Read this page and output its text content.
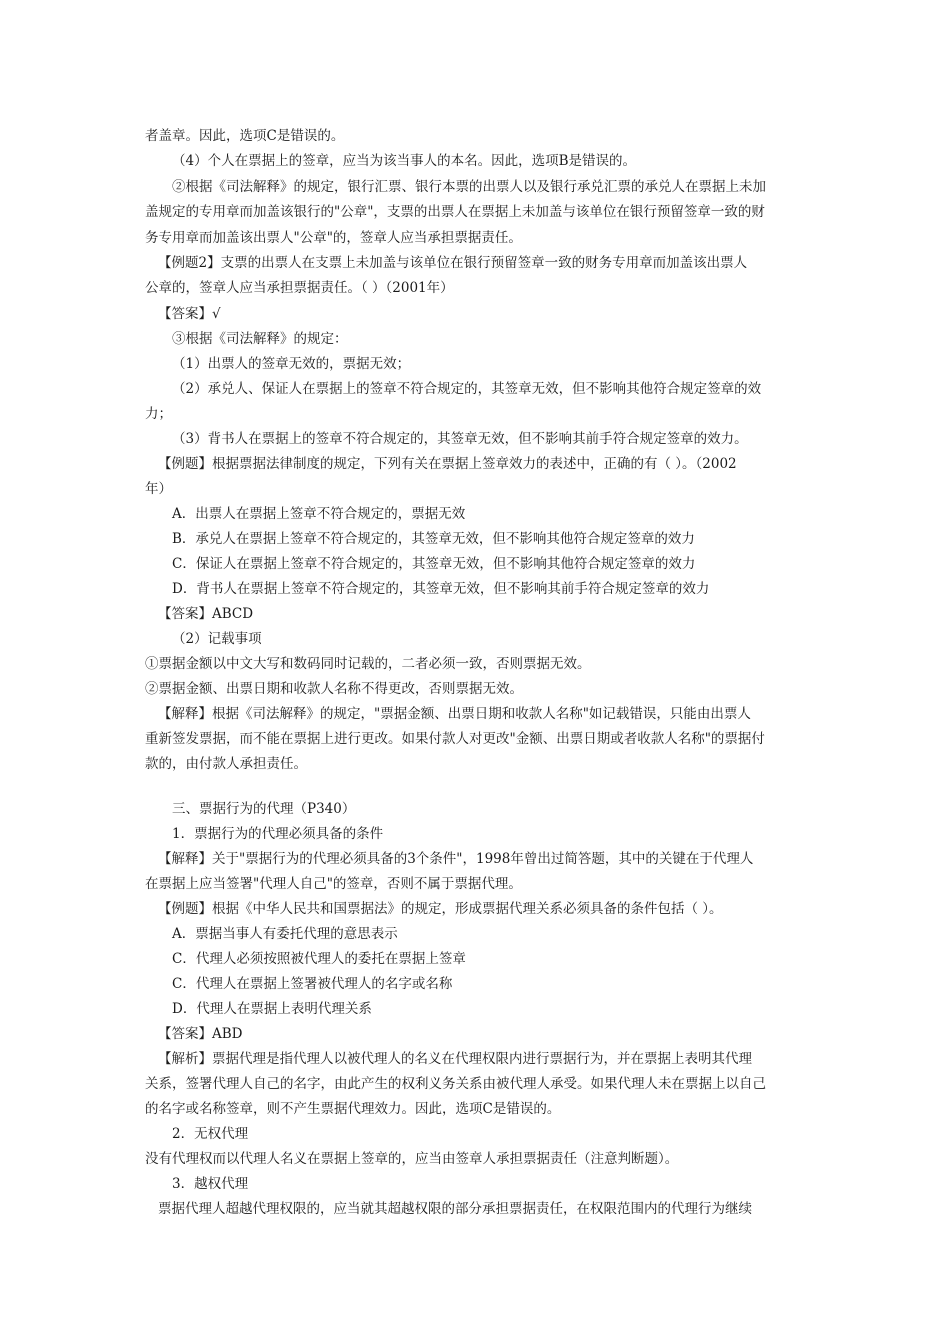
者盖章。因此，选项C是错误的。
（4）个人在票据上的签章，应当为该当事人的本名。因此，选项B是错误的。
②根据《司法解释》的规定，银行汇票、银行本票的出票人以及银行承兑汇票的承兑人在票据上未加
盖规定的专用章而加盖该银行的"公章"，支票的出票人在票据上未加盖与该单位在银行预留签章一致的财
务专用章而加盖该出票人"公章"的，签章人应当承担票据责任。
【例题2】支票的出票人在支票上未加盖与该单位在银行预留签章一致的财务专用章而加盖该出票人
公章的，签章人应当承担票据责任。（ ）（2001年）
【答案】√
③根据《司法解释》的规定：
（1）出票人的签章无效的，票据无效；
（2）承兑人、保证人在票据上的签章不符合规定的，其签章无效，但不影响其他符合规定签章的效
力；
（3）背书人在票据上的签章不符合规定的，其签章无效，但不影响其前手符合规定签章的效力。
【例题】根据票据法律制度的规定，下列有关在票据上签章效力的表述中，正确的有（ ）。（2002
年）
A．出票人在票据上签章不符合规定的，票据无效
B．承兑人在票据上签章不符合规定的，其签章无效，但不影响其他符合规定签章的效力
C．保证人在票据上签章不符合规定的，其签章无效，但不影响其他符合规定签章的效力
D．背书人在票据上签章不符合规定的，其签章无效，但不影响其前手符合规定签章的效力
【答案】ABCD
（2）记载事项
①票据金额以中文大写和数码同时记载的，二者必须一致，否则票据无效。
②票据金额、出票日期和收款人名称不得更改，否则票据无效。
【解释】根据《司法解释》的规定，"票据金额、出票日期和收款人名称"如记载错误，只能由出票人
重新签发票据，而不能在票据上进行更改。如果付款人对更改"金额、出票日期或者收款人名称"的票据付
款的，由付款人承担责任。
三、票据行为的代理（P340）
1．票据行为的代理必须具备的条件
【解释】关于"票据行为的代理必须具备的3个条件"，1998年曾出过简答题，其中的关键在于代理人
在票据上应当签署"代理人自己"的签章，否则不属于票据代理。
【例题】根据《中华人民共和国票据法》的规定，形成票据代理关系必须具备的条件包括（ ）。
A．票据当事人有委托代理的意思表示
C．代理人必须按照被代理人的委托在票据上签章
C．代理人在票据上签署被代理人的名字或名称
D．代理人在票据上表明代理关系
【答案】ABD
【解析】票据代理是指代理人以被代理人的名义在代理权限内进行票据行为，并在票据上表明其代理
关系，签署代理人自己的名字，由此产生的权利义务关系由被代理人承受。如果代理人未在票据上以自己
的名字或名称签章，则不产生票据代理效力。因此，选项C是错误的。
2．无权代理
没有代理权而以代理人名义在票据上签章的，应当由签章人承担票据责任（注意判断题）。
3．越权代理
票据代理人超越代理权限的，应当就其超越权限的部分承担票据责任，在权限范围内的代理行为继续
